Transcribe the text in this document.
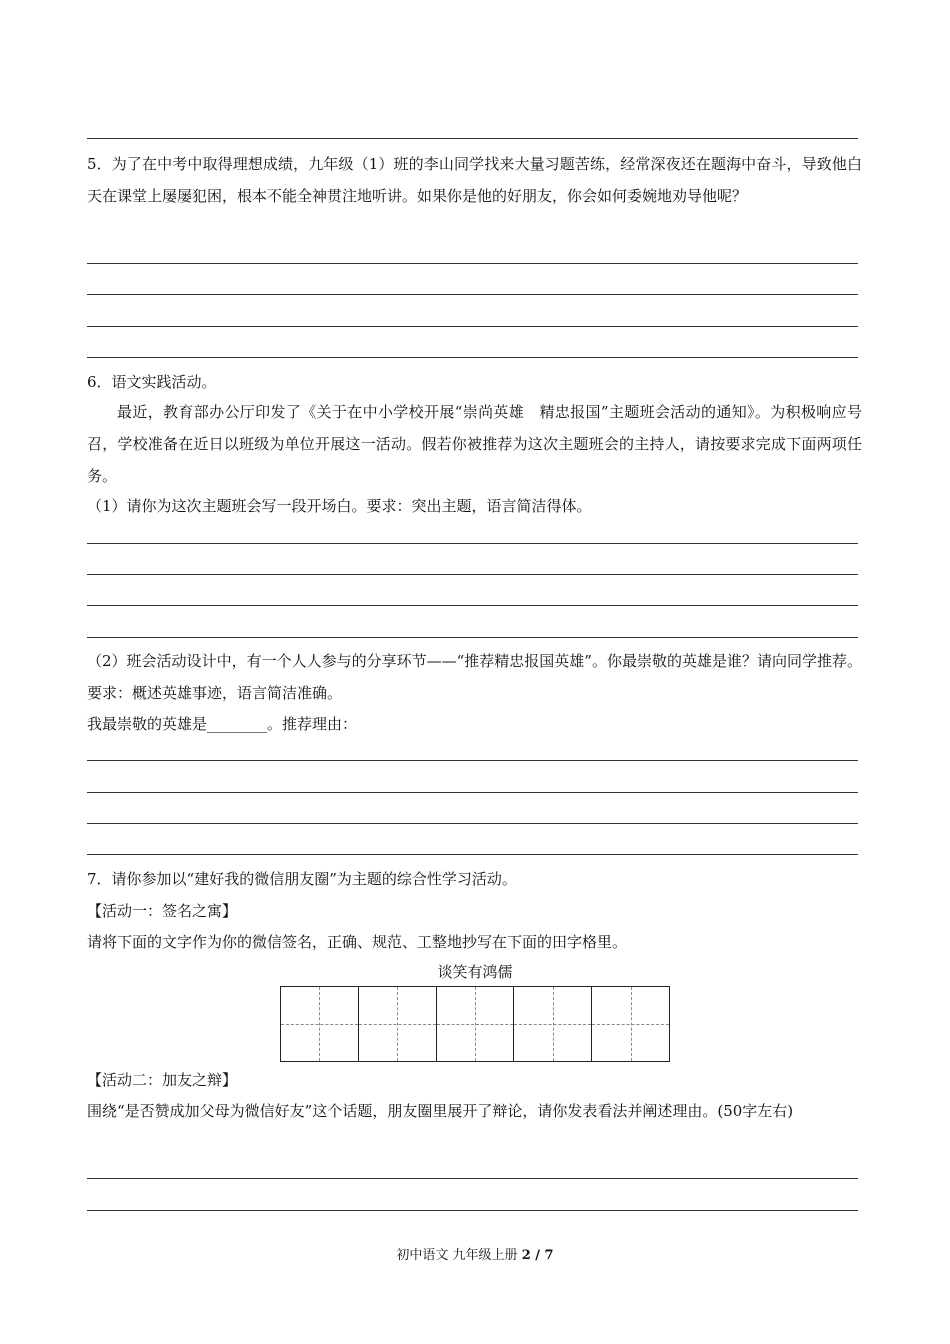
5．为了在中考中取得理想成绩，九年级（1）班的李山同学找来大量习题苦练，经常深夜还在题海中奋斗，导致他白天在课堂上屡屡犯困，根本不能全神贯注地听讲。如果你是他的好朋友，你会如何委婉地劝导他呢？
6．语文实践活动。
最近，教育部办公厅印发了《关于在中小学校开展“崇尚英雄　精忠报国”主题班会活动的通知》。为积极响应号召，学校准备在近日以班级为单位开展这一活动。假若你被推荐为这次主题班会的主持人，请按要求完成下面两项任务。
（1）请你为这次主题班会写一段开场白。要求：突出主题，语言简洁得体。
（2）班会活动设计中，有一个人人参与的分享环节——“推荐精忠报国英雄”。你最崇敬的英雄是谁？请向同学推荐。要求：概述英雄事迹，语言简洁准确。
我最崇敬的英雄是________。推荐理由：
7．请你参加以“建好我的微信朋友圈”为主题的综合性学习活动。
【活动一：签名之寓】
请将下面的文字作为你的微信签名，正确、规范、工整地抄写在下面的田字格里。
谈笑有鸿儒
【活动二：加友之辩】
围绕“是否赞成加父母为微信好友”这个话题，朋友圈里展开了辩论，请你发表看法并阐述理由。(50字左右)
初中语文 九年级上册 2 / 7
